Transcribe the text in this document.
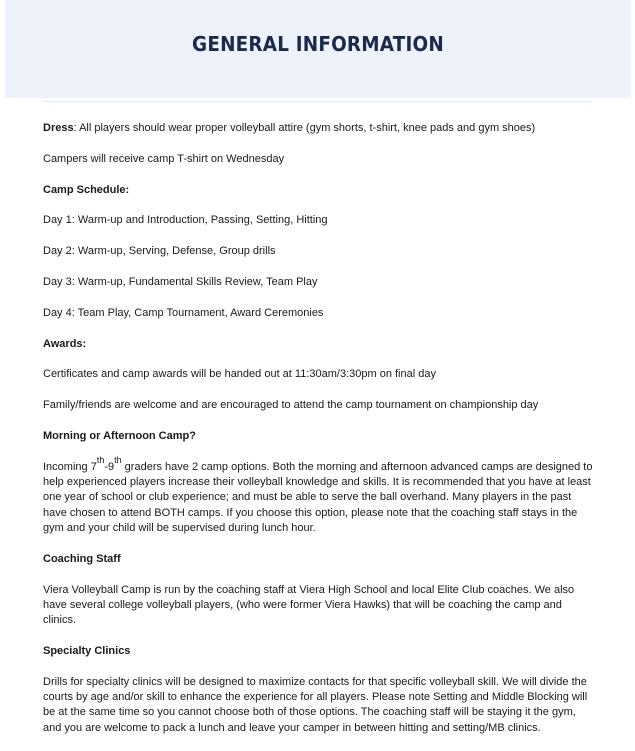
GENERAL INFORMATION

Dress: All players should wear proper volleyball attire (gym shorts, t-shirt, knee pads and gym shoes)

Campers will receive camp T-shirt on Wednesday

Camp Schedule:

Day 1: Warm-up and Introduction, Passing, Setting, Hitting

Day 2: Warm-up, Serving, Defense, Group drills

Day 3: Warm-up, Fundamental Skills Review, Team Play

Day 4: Team Play, Camp Tournament, Award Ceremonies

Awards:

Certificates and camp awards will be handed out at 11:30am/3:30pm on final day

Family/friends are welcome and are encouraged to attend the camp tournament on championship day

Morning or Afternoon Camp?

Incoming 7th-9th graders have 2 camp options. Both the morning and afternoon advanced camps are designed to help experienced players increase their volleyball knowledge and skills. It is recommended that you have at least one year of school or club experience; and must be able to serve the ball overhand. Many players in the past have chosen to attend BOTH camps. If you choose this option, please note that the coaching staff stays in the gym and your child will be supervised during lunch hour.

Coaching Staff

Viera Volleyball Camp is run by the coaching staff at Viera High School and local Elite Club coaches. We also have several college volleyball players, (who were former Viera Hawks) that will be coaching the camp and clinics.

Specialty Clinics

Drills for specialty clinics will be designed to maximize contacts for that specific volleyball skill. We will divide the courts by age and/or skill to enhance the experience for all players. Please note Setting and Middle Blocking will be at the same time so you cannot choose both of those options. The coaching staff will be staying it the gym, and you are welcome to pack a lunch and leave your camper in between hitting and setting/MB clinics.
